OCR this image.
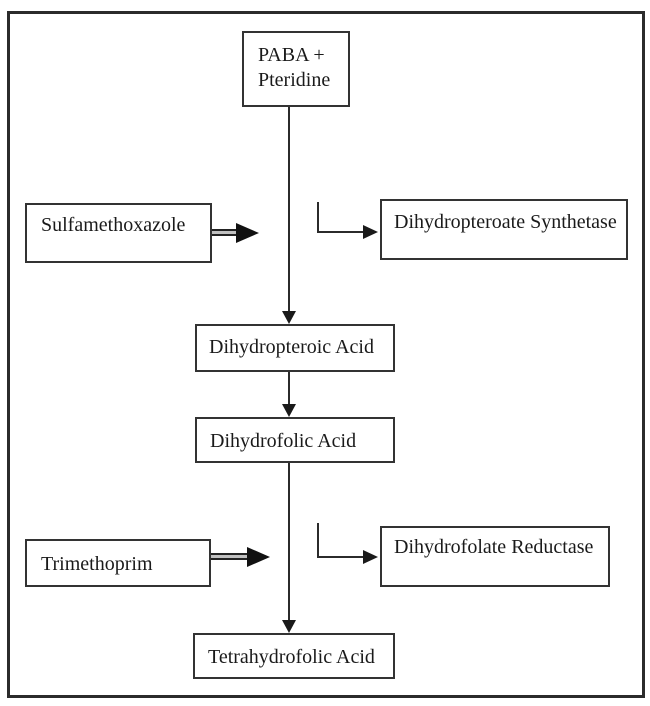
PABA +
Pteridine
Sulfamethoxazole	Dihydropteroate Synthetase
Dihydropteroic Acid
Dihydrofolic Acid
Trimethoprim
Dihydrofolate Reductase
Tetrahydrofolic Acid
